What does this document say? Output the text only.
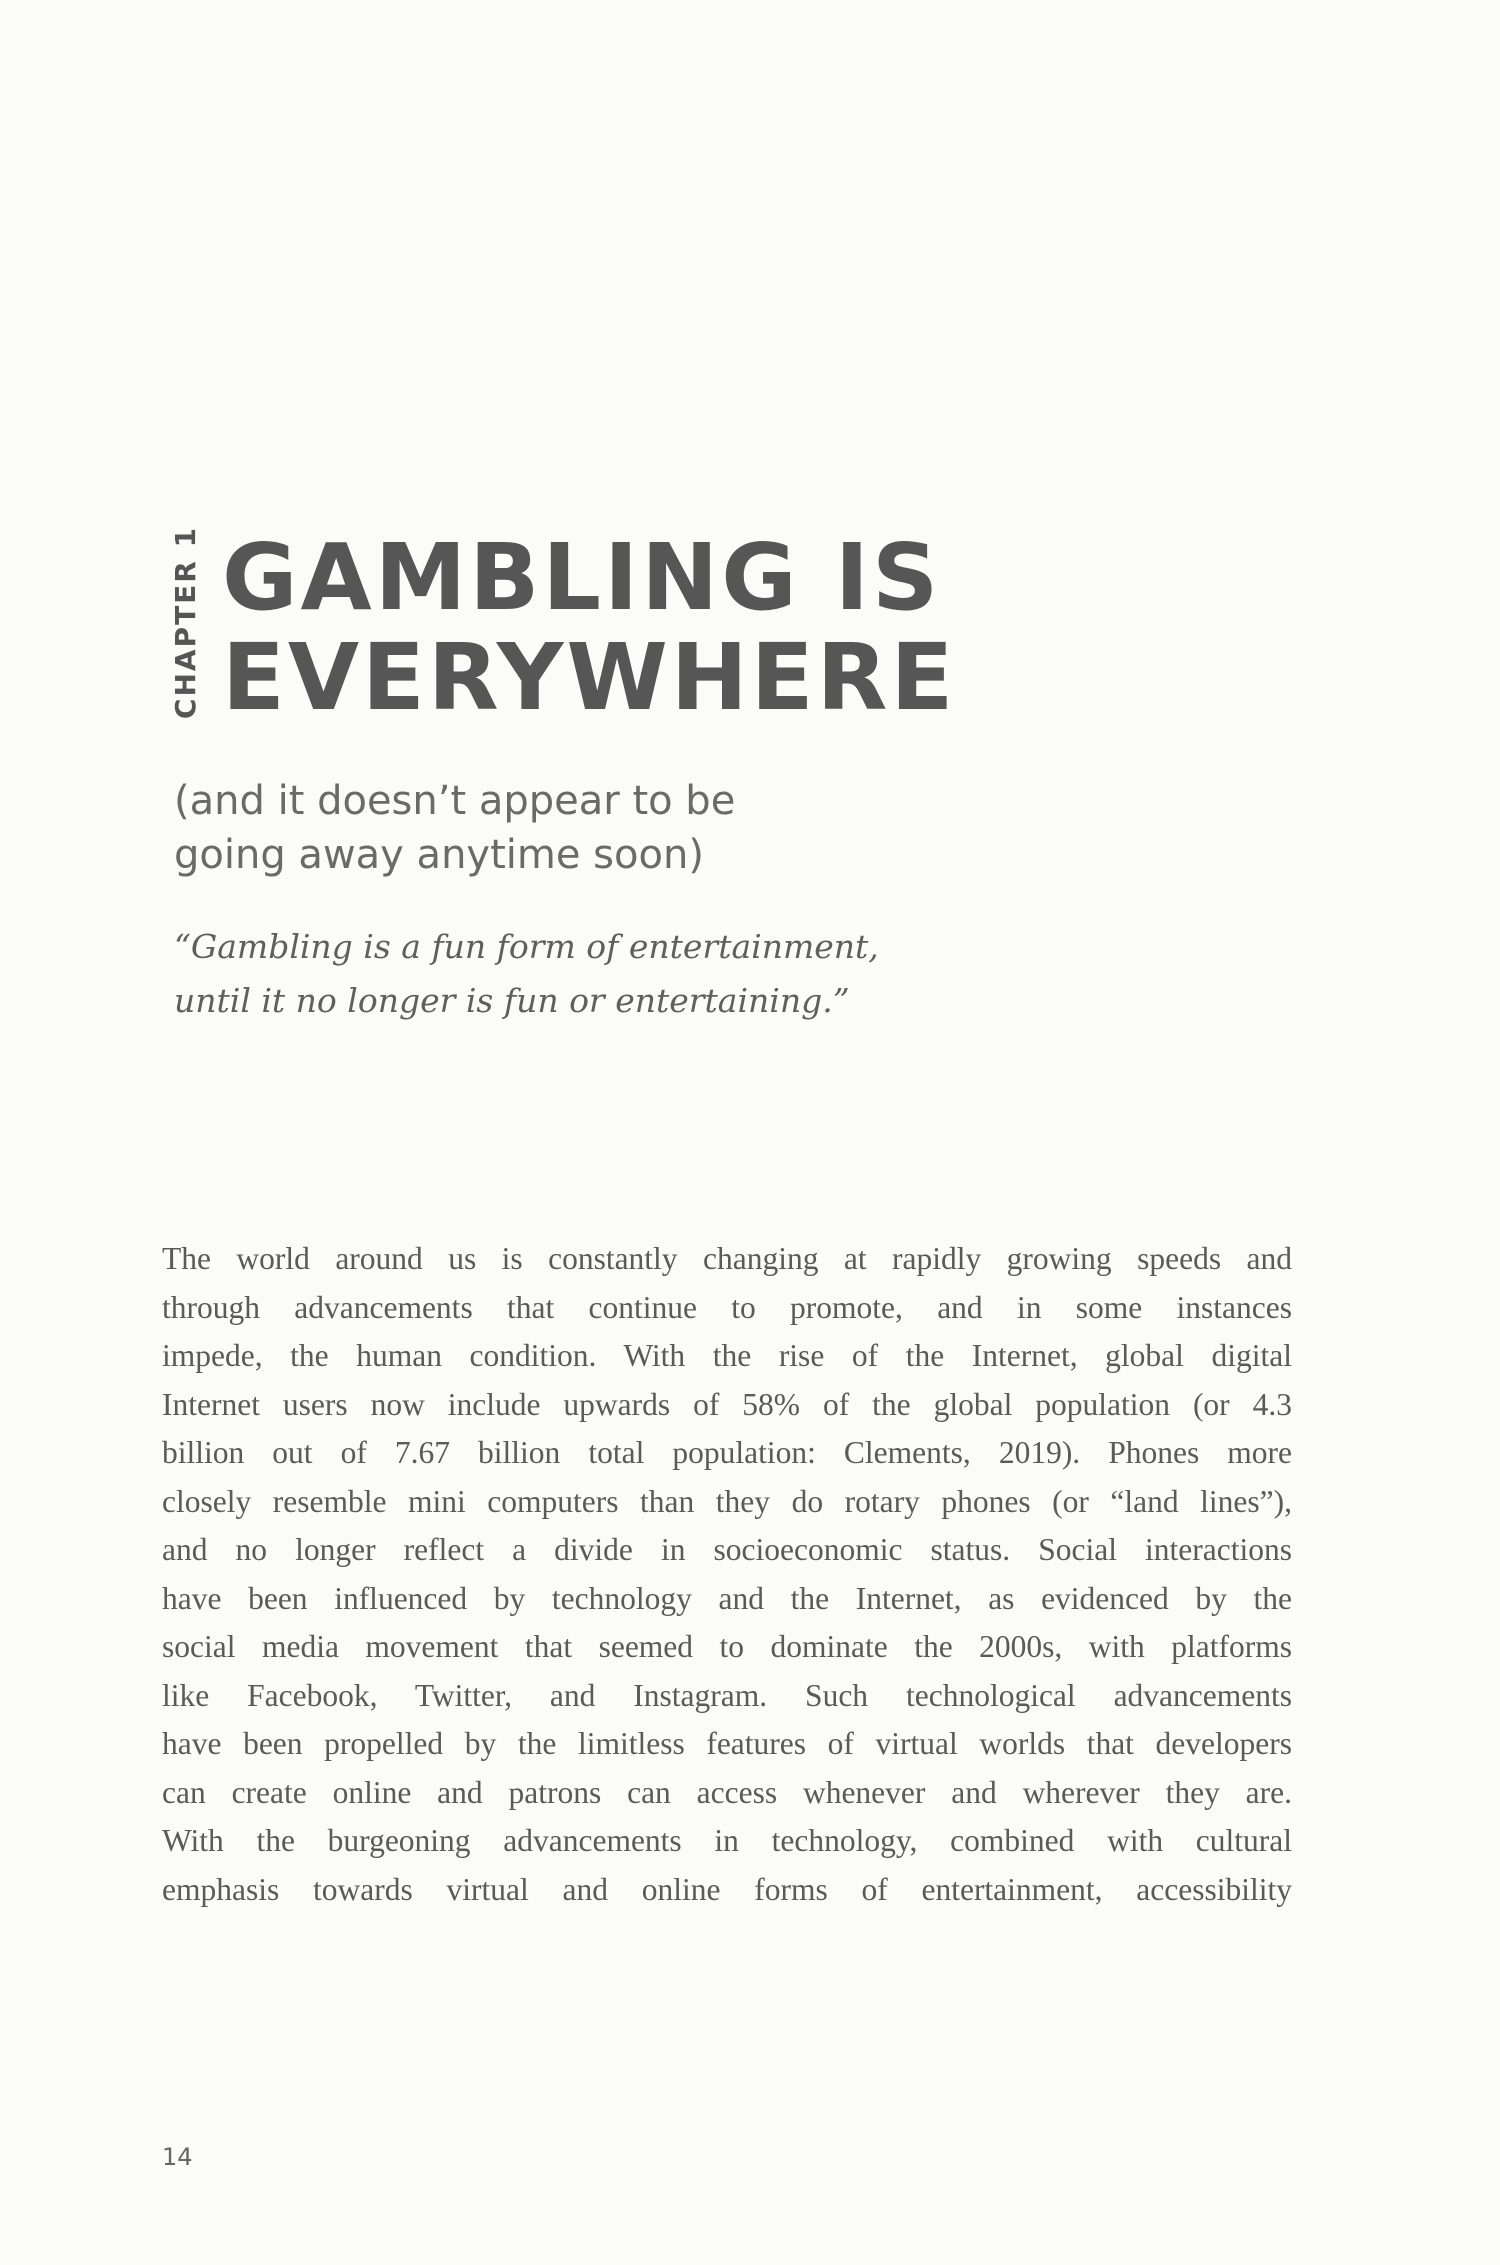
CHAPTER 1 GAMBLING IS
EVERYWHERE

(and it doesn’t appear to be
going away anytime soon)

“Gambling is a fun form of entertainment,
until it no longer is fun or entertaining.”

The world around us is constantly changing at rapidly growing speeds and
through advancements that continue to promote, and in some instances
impede, the human condition. With the rise of the Internet, global digital
Internet users now include upwards of 58% of the global population (or 4.3
billion out of 7.67 billion total population: Clements, 2019). Phones more
closely resemble mini computers than they do rotary phones (or “land lines”),
and no longer reflect a divide in socioeconomic status. Social interactions
have been influenced by technology and the Internet, as evidenced by the
social media movement that seemed to dominate the 2000s, with platforms
like Facebook, Twitter, and Instagram. Such technological advancements
have been propelled by the limitless features of virtual worlds that developers
can create online and patrons can access whenever and wherever they are.
With the burgeoning advancements in technology, combined with cultural
emphasis towards virtual and online forms of entertainment, accessibility

14
